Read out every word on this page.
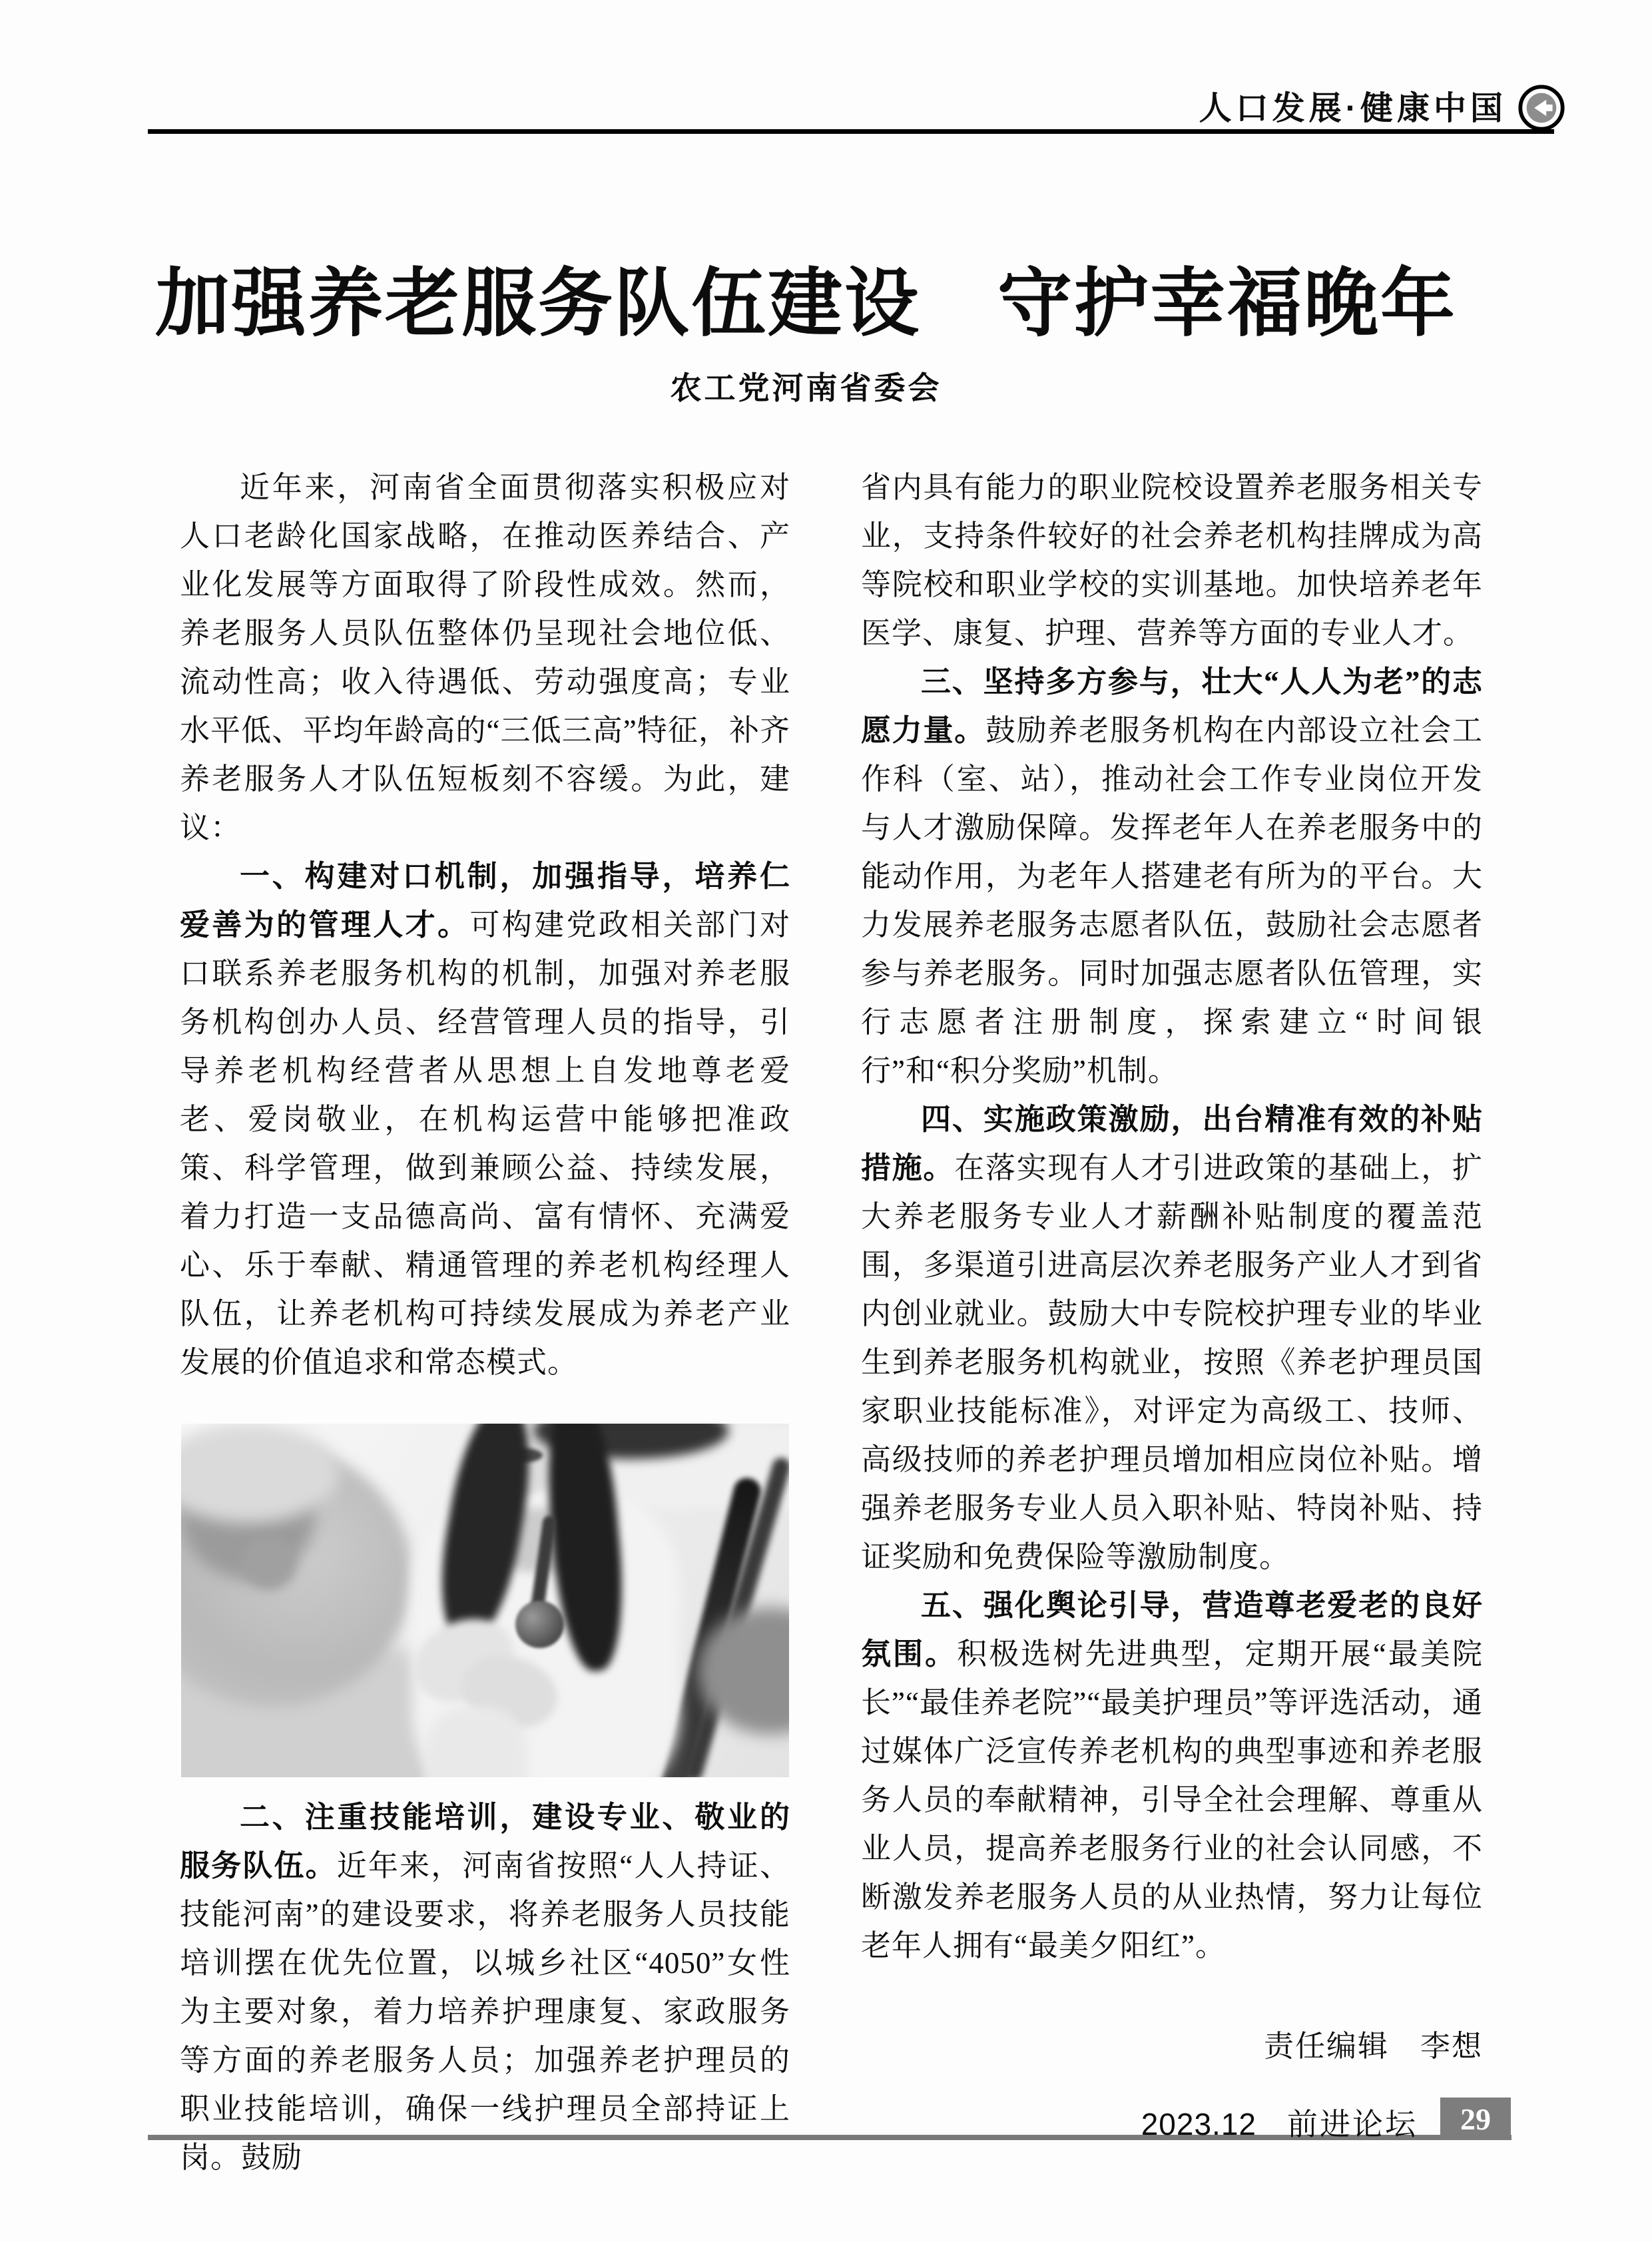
人口发展·健康中国
加强养老服务队伍建设　守护幸福晚年
农工党河南省委会

近年来，河南省全面贯彻落实积极应对人口老龄化国家战略，在推动医养结合、产业化发展等方面取得了阶段性成效。然而，养老服务人员队伍整体仍呈现社会地位低、流动性高；收入待遇低、劳动强度高；专业水平低、平均年龄高的“三低三高”特征，补齐养老服务人才队伍短板刻不容缓。为此，建议：

一、构建对口机制，加强指导，培养仁爱善为的管理人才。可构建党政相关部门对口联系养老服务机构的机制，加强对养老服务机构创办人员、经营管理人员的指导，引导养老机构经营者从思想上自发地尊老爱老、爱岗敬业，在机构运营中能够把准政策、科学管理，做到兼顾公益、持续发展，着力打造一支品德高尚、富有情怀、充满爱心、乐于奉献、精通管理的养老机构经理人队伍，让养老机构可持续发展成为养老产业发展的价值追求和常态模式。

二、注重技能培训，建设专业、敬业的服务队伍。近年来，河南省按照“人人持证、技能河南”的建设要求，将养老服务人员技能培训摆在优先位置，以城乡社区“4050”女性为主要对象，着力培养护理康复、家政服务等方面的养老服务人员；加强养老护理员的职业技能培训，确保一线护理员全部持证上岗。鼓励

省内具有能力的职业院校设置养老服务相关专业，支持条件较好的社会养老机构挂牌成为高等院校和职业学校的实训基地。加快培养老年医学、康复、护理、营养等方面的专业人才。

三、坚持多方参与，壮大“人人为老”的志愿力量。鼓励养老服务机构在内部设立社会工作科（室、站），推动社会工作专业岗位开发与人才激励保障。发挥老年人在养老服务中的能动作用，为老年人搭建老有所为的平台。大力发展养老服务志愿者队伍，鼓励社会志愿者参与养老服务。同时加强志愿者队伍管理，实行志愿者注册制度，探索建立“时间银行”和“积分奖励”机制。

四、实施政策激励，出台精准有效的补贴措施。在落实现有人才引进政策的基础上，扩大养老服务专业人才薪酬补贴制度的覆盖范围，多渠道引进高层次养老服务产业人才到省内创业就业。鼓励大中专院校护理专业的毕业生到养老服务机构就业，按照《养老护理员国家职业技能标准》，对评定为高级工、技师、高级技师的养老护理员增加相应岗位补贴。增强养老服务专业人员入职补贴、特岗补贴、持证奖励和免费保险等激励制度。

五、强化舆论引导，营造尊老爱老的良好氛围。积极选树先进典型，定期开展“最美院长”“最佳养老院”“最美护理员”等评选活动，通过媒体广泛宣传养老机构的典型事迹和养老服务人员的奉献精神，引导全社会理解、尊重从业人员，提高养老服务行业的社会认同感，不断激发养老服务人员的从业热情，努力让每位老年人拥有“最美夕阳红”。

责任编辑　李想

2023.12 前进论坛	29
